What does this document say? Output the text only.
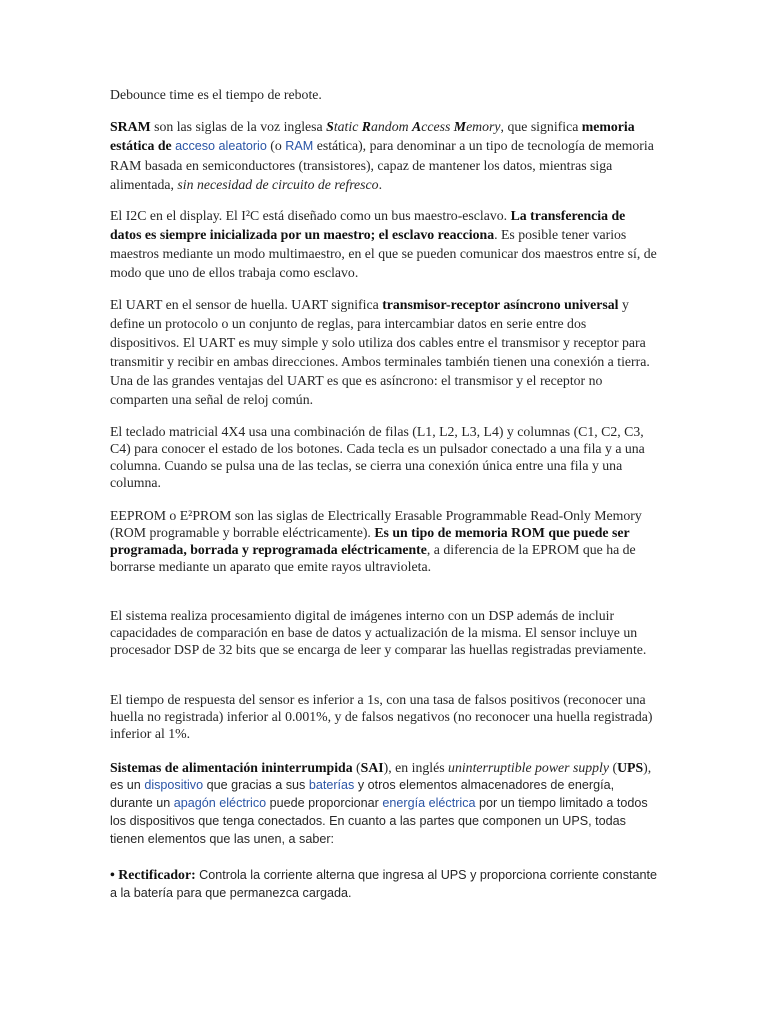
Debounce time es el tiempo de rebote.

SRAM son las siglas de la voz inglesa Static Random Access Memory, que significa memoria estática de acceso aleatorio (o RAM estática), para denominar a un tipo de tecnología de memoria RAM basada en semiconductores (transistores), capaz de mantener los datos, mientras siga alimentada, sin necesidad de circuito de refresco.

El I2C en el display. El I²C está diseñado como un bus maestro-esclavo. La transferencia de datos es siempre inicializada por un maestro; el esclavo reacciona. Es posible tener varios maestros mediante un modo multimaestro, en el que se pueden comunicar dos maestros entre sí, de modo que uno de ellos trabaja como esclavo.

El UART en el sensor de huella. UART significa transmisor-receptor asíncrono universal y define un protocolo o un conjunto de reglas, para intercambiar datos en serie entre dos dispositivos. El UART es muy simple y solo utiliza dos cables entre el transmisor y receptor para transmitir y recibir en ambas direcciones. Ambos terminales también tienen una conexión a tierra. Una de las grandes ventajas del UART es que es asíncrono: el transmisor y el receptor no comparten una señal de reloj común.

El teclado matricial 4X4 usa una combinación de filas (L1, L2, L3, L4) y columnas (C1, C2, C3, C4) para conocer el estado de los botones. Cada tecla es un pulsador conectado a una fila y a una columna. Cuando se pulsa una de las teclas, se cierra una conexión única entre una fila y una columna.

EEPROM o E²PROM son las siglas de Electrically Erasable Programmable Read-Only Memory (ROM programable y borrable eléctricamente). Es un tipo de memoria ROM que puede ser programada, borrada y reprogramada eléctricamente, a diferencia de la EPROM que ha de borrarse mediante un aparato que emite rayos ultravioleta.

El sistema realiza procesamiento digital de imágenes interno con un DSP además de incluir capacidades de comparación en base de datos y actualización de la misma. El sensor incluye un procesador DSP de 32 bits que se encarga de leer y comparar las huellas registradas previamente.

El tiempo de respuesta del sensor es inferior a 1s, con una tasa de falsos positivos (reconocer una huella no registrada) inferior al 0.001%, y de falsos negativos (no reconocer una huella registrada) inferior al 1%.

Sistemas de alimentación ininterrumpida (SAI), en inglés uninterruptible power supply (UPS), es un dispositivo que gracias a sus baterías y otros elementos almacenadores de energía, durante un apagón eléctrico puede proporcionar energía eléctrica por un tiempo limitado a todos los dispositivos que tenga conectados. En cuanto a las partes que componen un UPS, todas tienen elementos que las unen, a saber:

• Rectificador: Controla la corriente alterna que ingresa al UPS y proporciona corriente constante a la batería para que permanezca cargada.
